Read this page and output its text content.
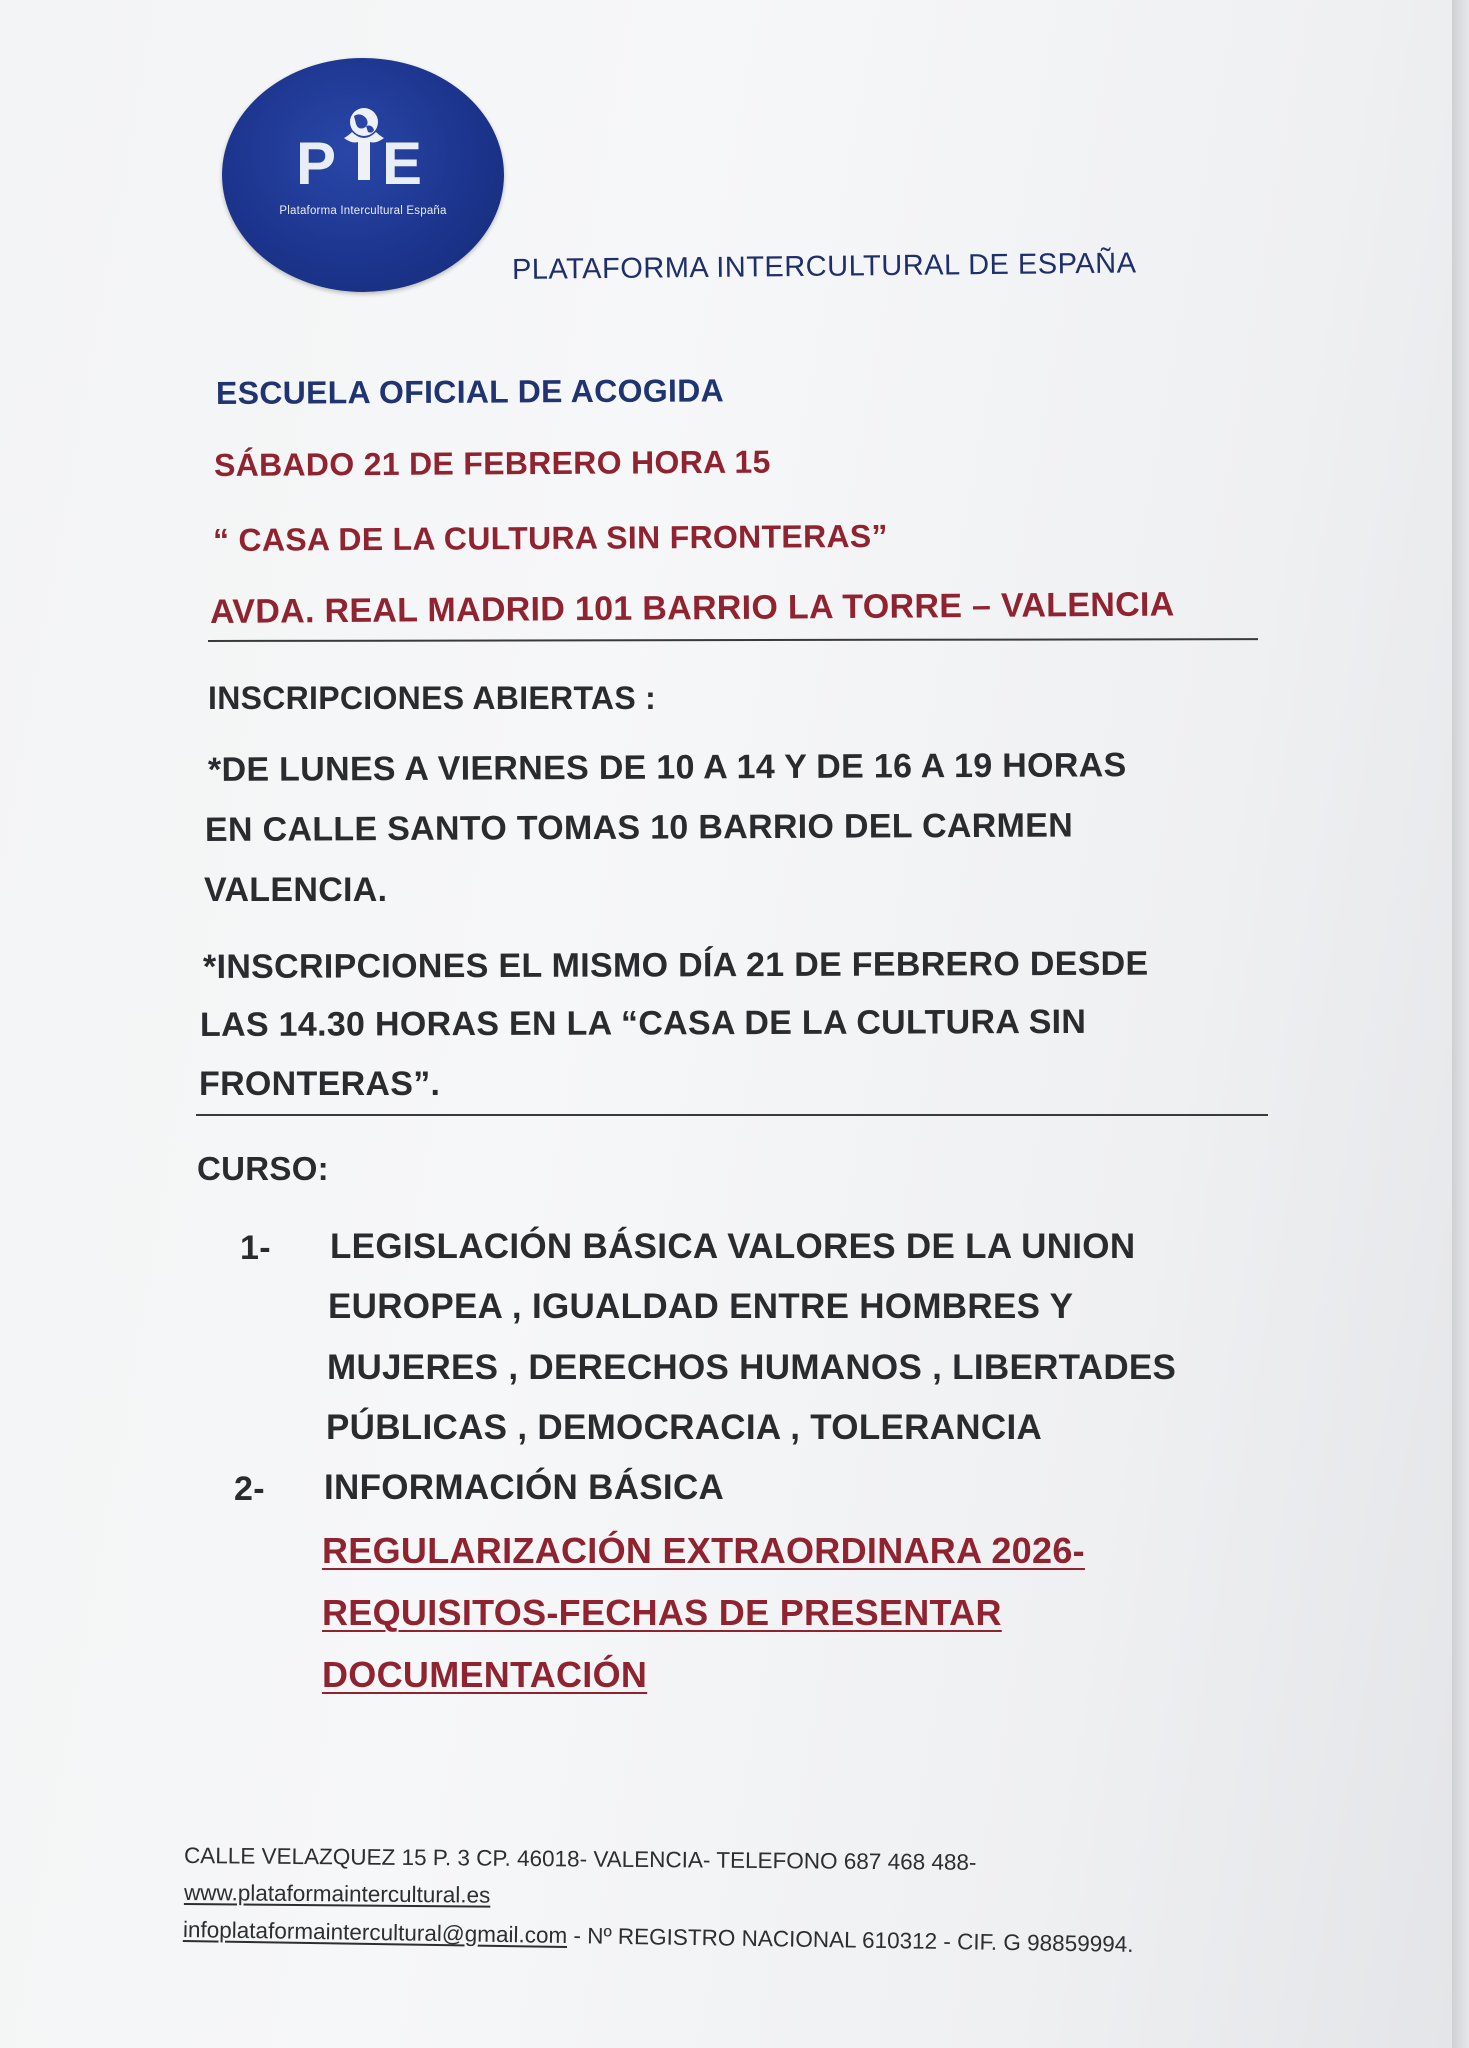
P E
Plataforma Intercultural España
PLATAFORMA INTERCULTURAL DE ESPAÑA
ESCUELA OFICIAL DE ACOGIDA
SÁBADO 21 DE FEBRERO HORA 15
“ CASA DE LA CULTURA SIN FRONTERAS”
AVDA. REAL MADRID 101 BARRIO LA TORRE – VALENCIA
INSCRIPCIONES ABIERTAS :
*DE LUNES A VIERNES DE 10 A 14 Y DE 16 A 19 HORAS
EN CALLE SANTO TOMAS 10 BARRIO DEL CARMEN
VALENCIA.
*INSCRIPCIONES EL MISMO DÍA 21 DE FEBRERO DESDE
LAS 14.30 HORAS EN LA “CASA DE LA CULTURA SIN
FRONTERAS”.
CURSO:
1- LEGISLACIÓN BÁSICA VALORES DE LA UNION
EUROPEA , IGUALDAD ENTRE HOMBRES Y
MUJERES , DERECHOS HUMANOS , LIBERTADES
PÚBLICAS , DEMOCRACIA , TOLERANCIA
2- INFORMACIÓN BÁSICA
REGULARIZACIÓN EXTRAORDINARA 2026-
REQUISITOS-FECHAS DE PRESENTAR
DOCUMENTACIÓN
CALLE VELAZQUEZ 15 P. 3 CP. 46018- VALENCIA- TELEFONO 687 468 488-
www.plataformaintercultural.es
infoplataformaintercultural@gmail.com - Nº REGISTRO NACIONAL 610312 - CIF. G 98859994.
